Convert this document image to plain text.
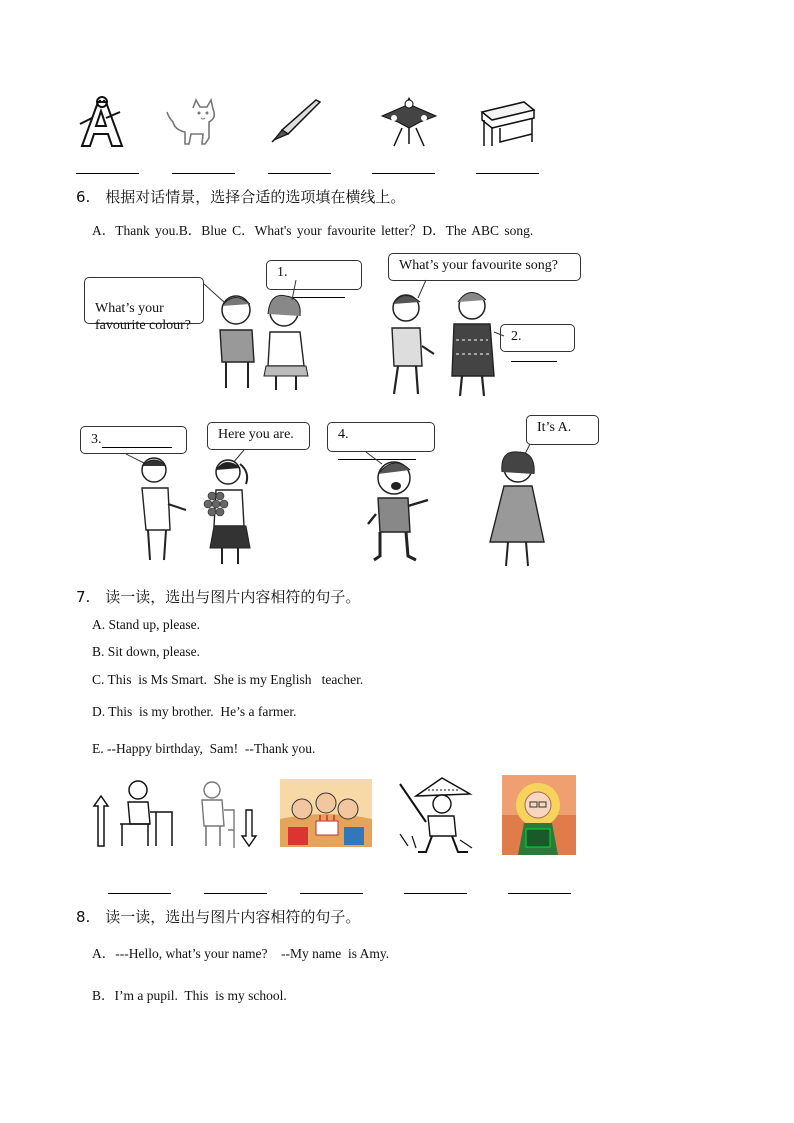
6.　根据对话情景，选择合适的选项填在横线上。
A．Thank you.B．Blue C．What's your favourite letter？D．The ABC song.

What’s your
favourite colour?

1.	What’s your favourite song?
2.
3.	Here you are.	4.	It’s A.
7.　读一读，选出与图片内容相符的句子。
A. Stand up, please.
B. Sit down, please.
C. This  is Ms Smart.  She is my English   teacher.
D. This  is my brother.  He’s a farmer.
E. --Happy birthday,  Sam!  --Thank you.
8.　读一读，选出与图片内容相符的句子。
A．---Hello, what’s your name?　--My name  is Amy.
B．I’m a pupil.  This  is my school.
